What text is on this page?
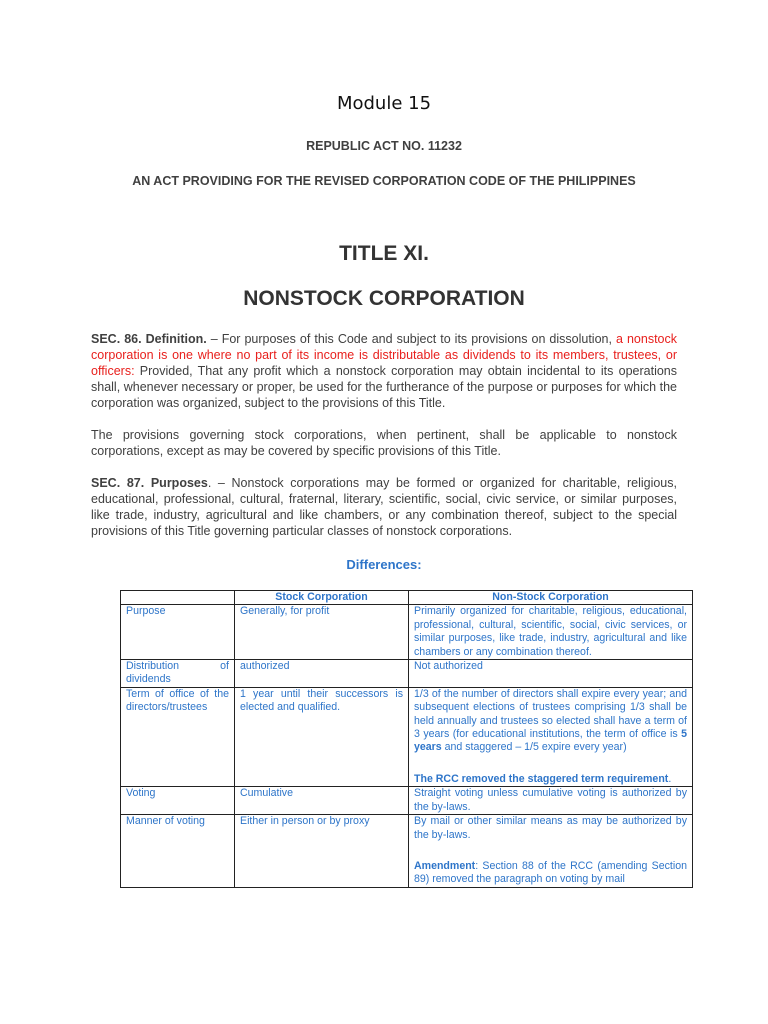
Module 15
REPUBLIC ACT NO. 11232
AN ACT PROVIDING FOR THE REVISED CORPORATION CODE OF THE PHILIPPINES
TITLE XI.
NONSTOCK CORPORATION

SEC. 86. Definition. – For purposes of this Code and subject to its provisions on dissolution, a nonstock corporation is one where no part of its income is distributable as dividends to its members, trustees, or officers: Provided, That any profit which a nonstock corporation may obtain incidental to its operations shall, whenever necessary or proper, be used for the furtherance of the purpose or purposes for which the corporation was organized, subject to the provisions of this Title.

The provisions governing stock corporations, when pertinent, shall be applicable to nonstock corporations, except as may be covered by specific provisions of this Title.

SEC. 87. Purposes. – Nonstock corporations may be formed or organized for charitable, religious, educational, professional, cultural, fraternal, literary, scientific, social, civic service, or similar purposes, like trade, industry, agricultural and like chambers, or any combination thereof, subject to the special provisions of this Title governing particular classes of nonstock corporations.

Differences:
	Stock Corporation	Non-Stock Corporation
Purpose	Generally, for profit	Primarily organized for charitable, religious, educational, professional, cultural, scientific, social, civic services, or similar purposes, like trade, industry, agricultural and like chambers or any combination thereof.
Distribution of dividends	authorized	Not authorized
Term of office of the directors/trustees	1 year until their successors is elected and qualified.	1/3 of the number of directors shall expire every year; and subsequent elections of trustees comprising 1/3 shall be held annually and trustees so elected shall have a term of 3 years (for educational institutions, the term of office is 5 years and staggered – 1/5 expire every year)
The RCC removed the staggered term requirement.
Voting	Cumulative	Straight voting unless cumulative voting is authorized by the by-laws.
Manner of voting	Either in person or by proxy	By mail or other similar means as may be authorized by the by-laws.
Amendment: Section 88 of the RCC (amending Section 89) removed the paragraph on voting by mail
